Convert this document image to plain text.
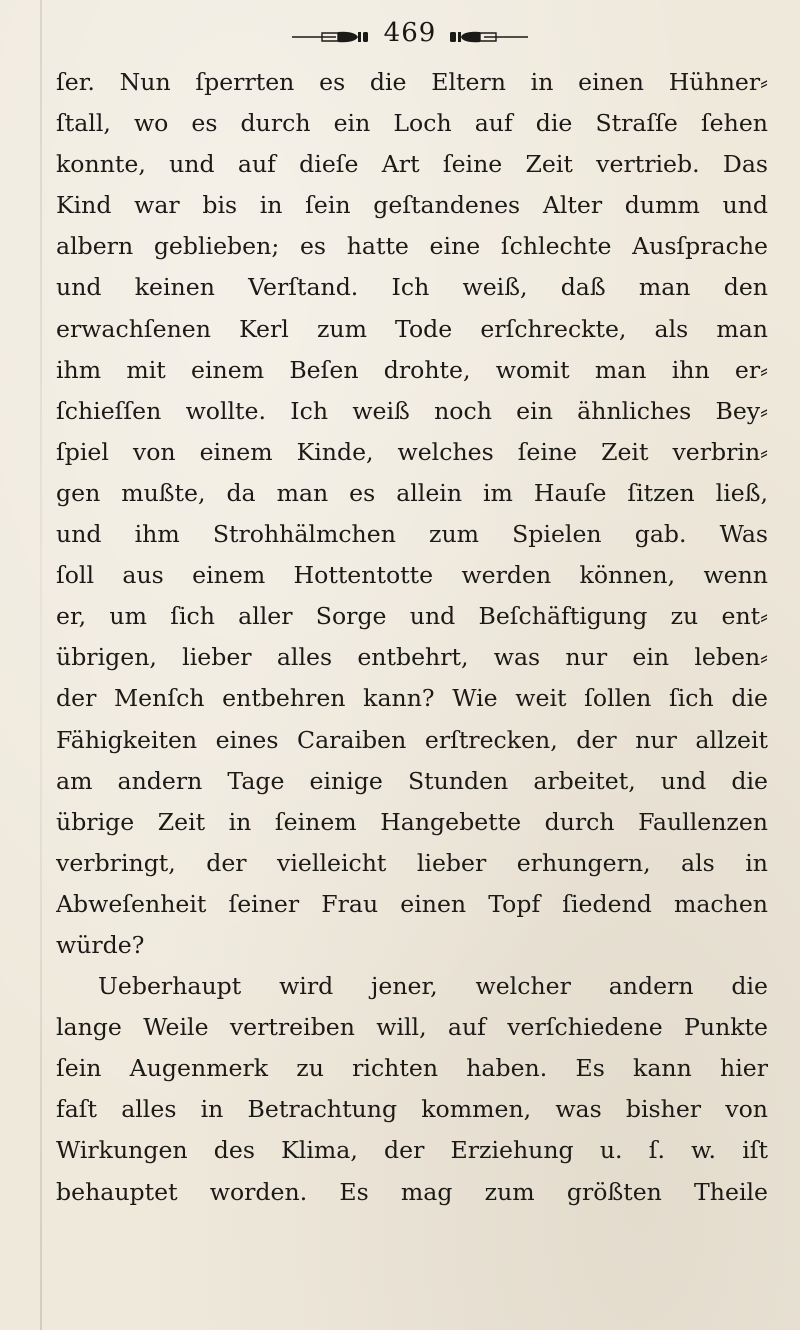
469
ſer. Nun ſperrten es die Eltern in einen Hühner⸗
ſtall, wo es durch ein Loch auf die Straſſe ſehen
konnte, und auf dieſe Art ſeine Zeit vertrieb. Das
Kind war bis in ſein geſtandenes Alter dumm und
albern geblieben; es hatte eine ſchlechte Ausſprache
und keinen Verſtand. Ich weiß, daß man den
erwachſenen Kerl zum Tode erſchreckte, als man
ihm mit einem Beſen drohte, womit man ihn er⸗
ſchieſſen wollte. Ich weiß noch ein ähnliches Bey⸗
ſpiel von einem Kinde, welches ſeine Zeit verbrin⸗
gen mußte, da man es allein im Hauſe ſitzen ließ,
und ihm Strohhälmchen zum Spielen gab. Was
ſoll aus einem Hottentotte werden können, wenn
er, um ſich aller Sorge und Beſchäftigung zu ent⸗
übrigen, lieber alles entbehrt, was nur ein leben⸗
der Menſch entbehren kann? Wie weit ſollen ſich die
Fähigkeiten eines Caraiben erſtrecken, der nur allzeit
am andern Tage einige Stunden arbeitet, und die
übrige Zeit in ſeinem Hangebette durch Faullenzen
verbringt, der vielleicht lieber erhungern, als in
Abweſenheit ſeiner Frau einen Topf ſiedend machen
würde?
Ueberhaupt wird jener, welcher andern die
lange Weile vertreiben will, auf verſchiedene Punkte
ſein Augenmerk zu richten haben. Es kann hier
faſt alles in Betrachtung kommen, was bisher von
Wirkungen des Klima, der Erziehung u. ſ. w. iſt
behauptet worden. Es mag zum größten Theile
